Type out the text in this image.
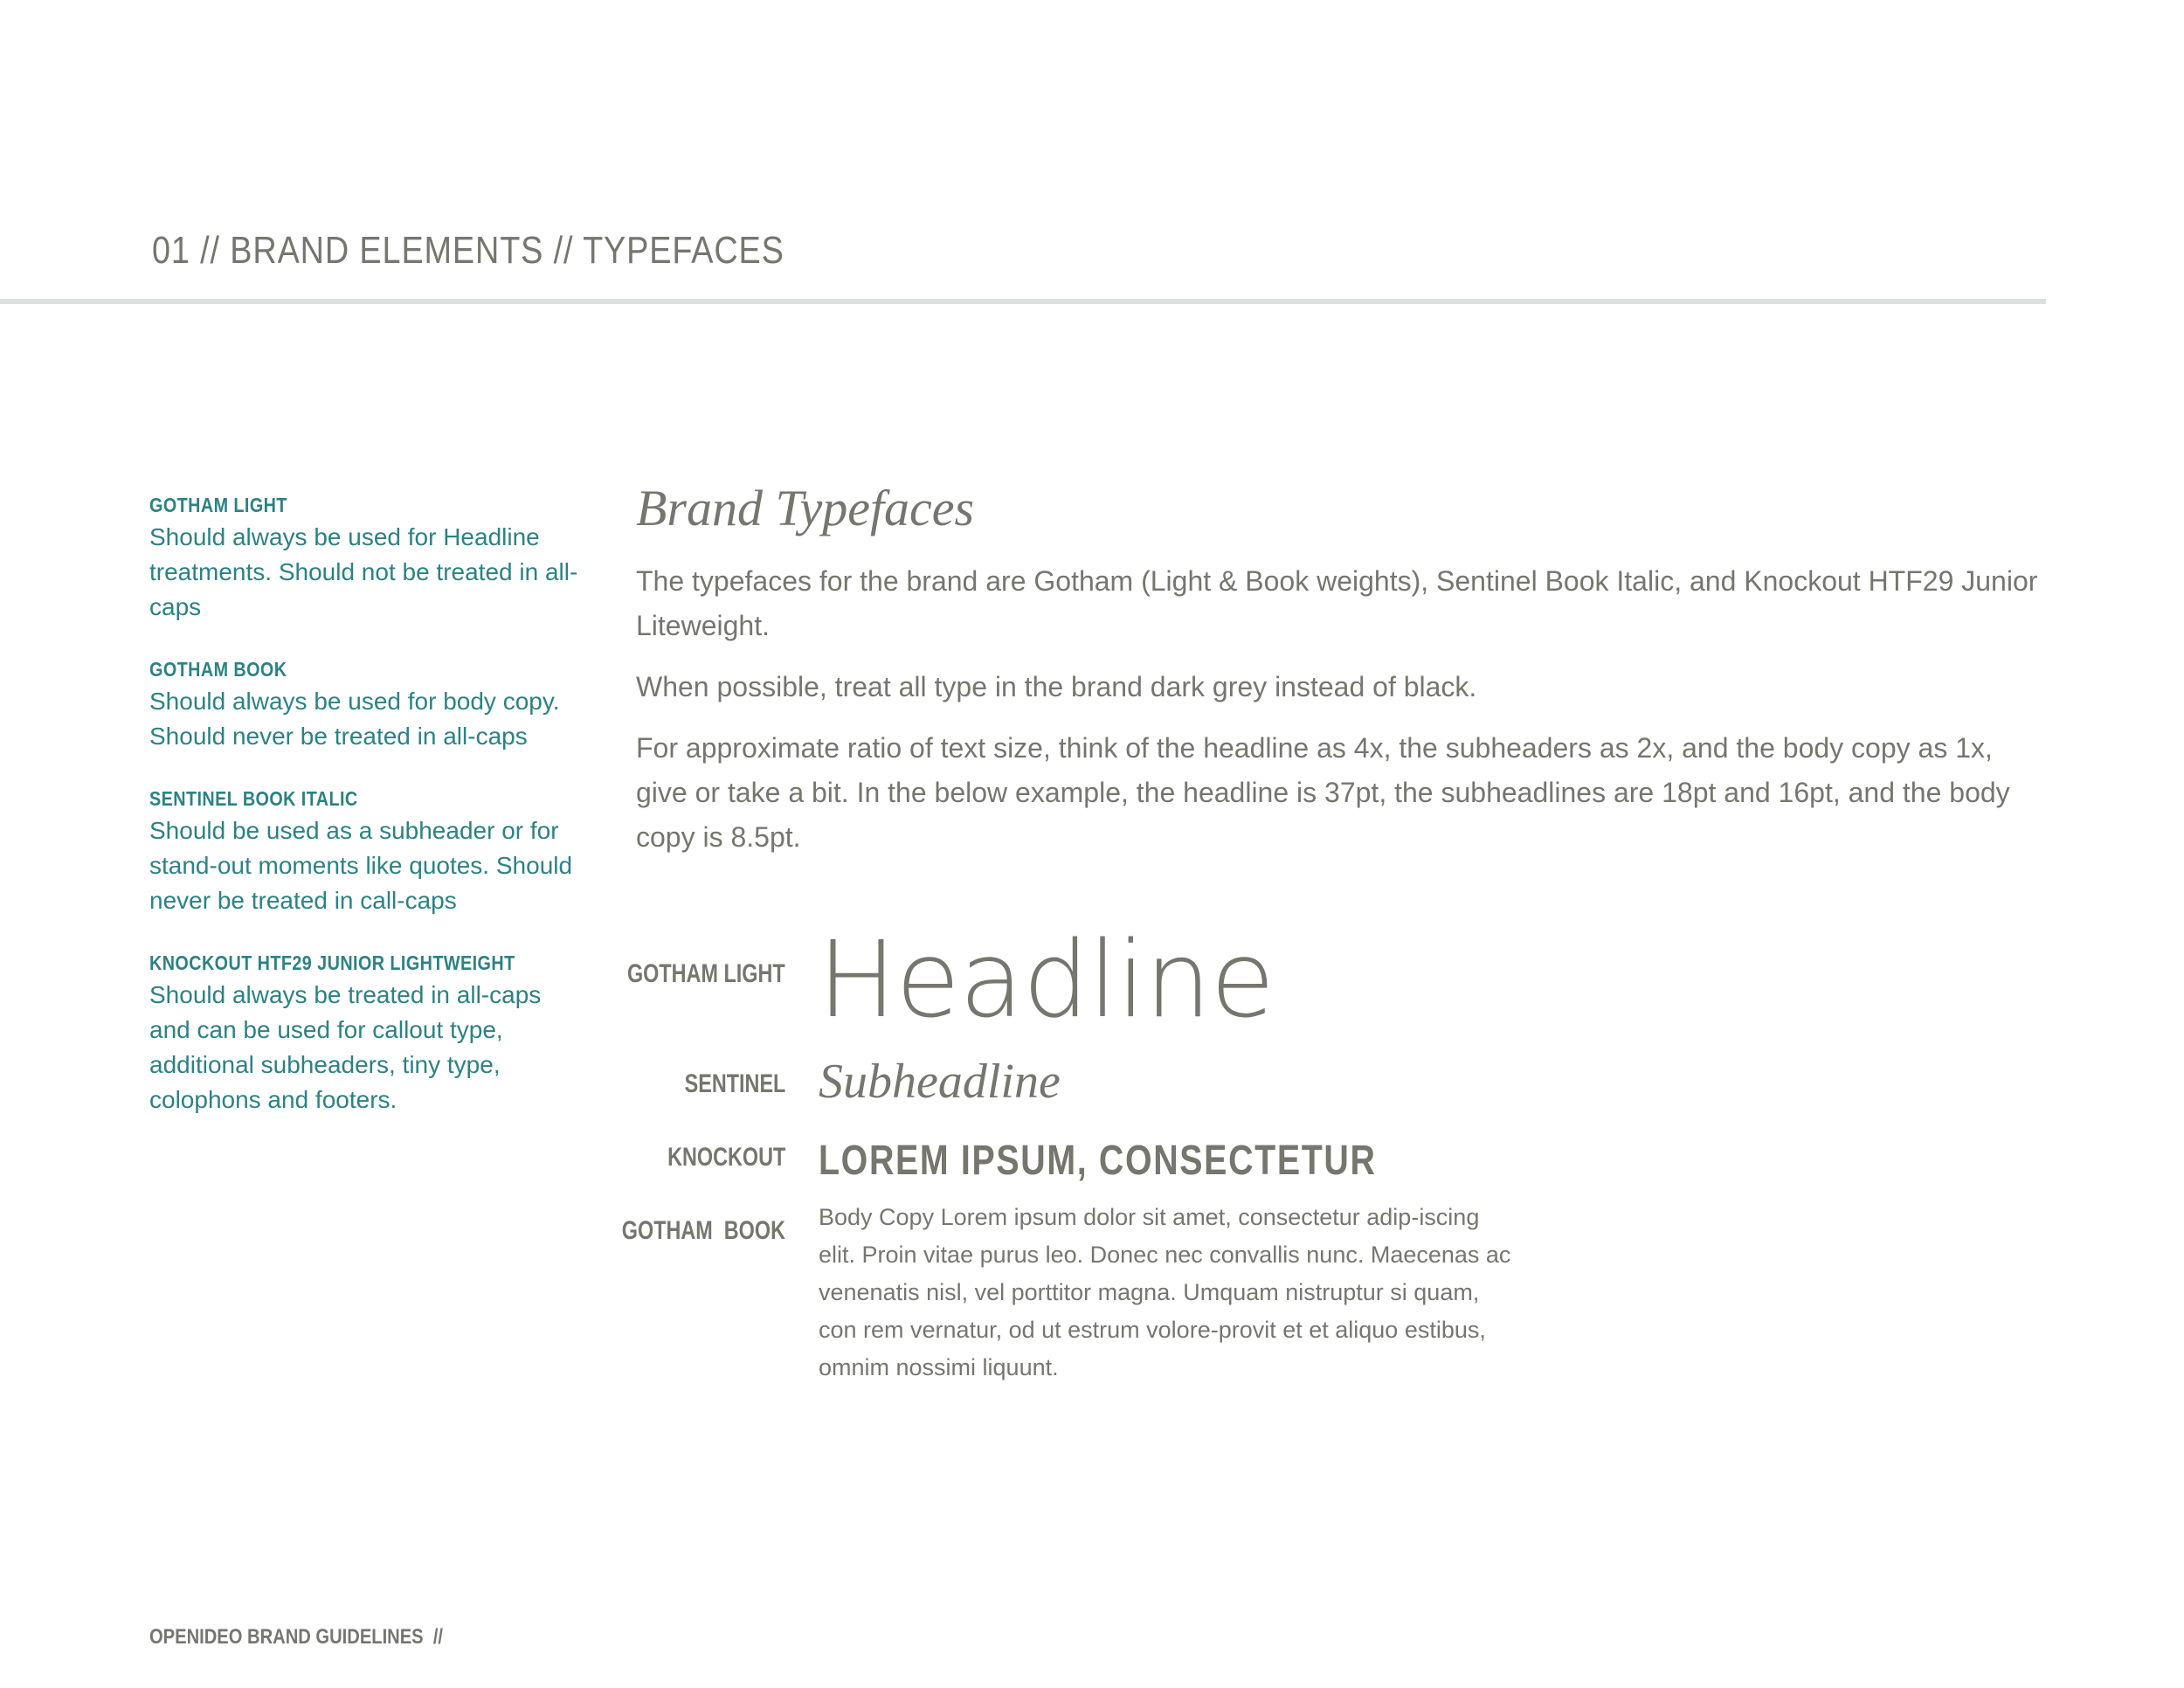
01 // BRAND ELEMENTS // TYPEFACES
GOTHAM LIGHT
Should always be used for Headline treatments. Should not be treated in all-caps
GOTHAM BOOK
Should always be used for body copy. Should never be treated in all-caps
SENTINEL BOOK ITALIC
Should be used as a subheader or for stand-out moments like quotes. Should never be treated in call-caps
KNOCKOUT HTF29 JUNIOR LIGHTWEIGHT
Should always be treated in all-caps and can be used for callout type, additional subheaders, tiny type, colophons and footers.
Brand Typefaces

The typefaces for the brand are Gotham (Light & Book weights), Sentinel Book Italic, and Knockout HTF29 Junior Liteweight.

When possible, treat all type in the brand dark grey instead of black.

For approximate ratio of text size, think of the headline as 4x, the subheaders as 2x, and the body copy as 1x, give or take a bit. In the below example, the headline is 37pt, the subheadlines are 18pt and 16pt, and the body copy is 8.5pt.

GOTHAM LIGHT Headline
SENTINEL Subheadline
KNOCKOUT LOREM IPSUM, CONSECTETUR
GOTHAM  BOOK Body Copy Lorem ipsum dolor sit amet, consectetur adip-iscing elit. Proin vitae purus leo. Donec nec convallis nunc. Maecenas ac venenatis nisl, vel porttitor magna. Umquam nistruptur si quam, con rem vernatur, od ut estrum volore-provit et et aliquo estibus, omnim nossimi liquunt.

OPENIDEO BRAND GUIDELINES  //
